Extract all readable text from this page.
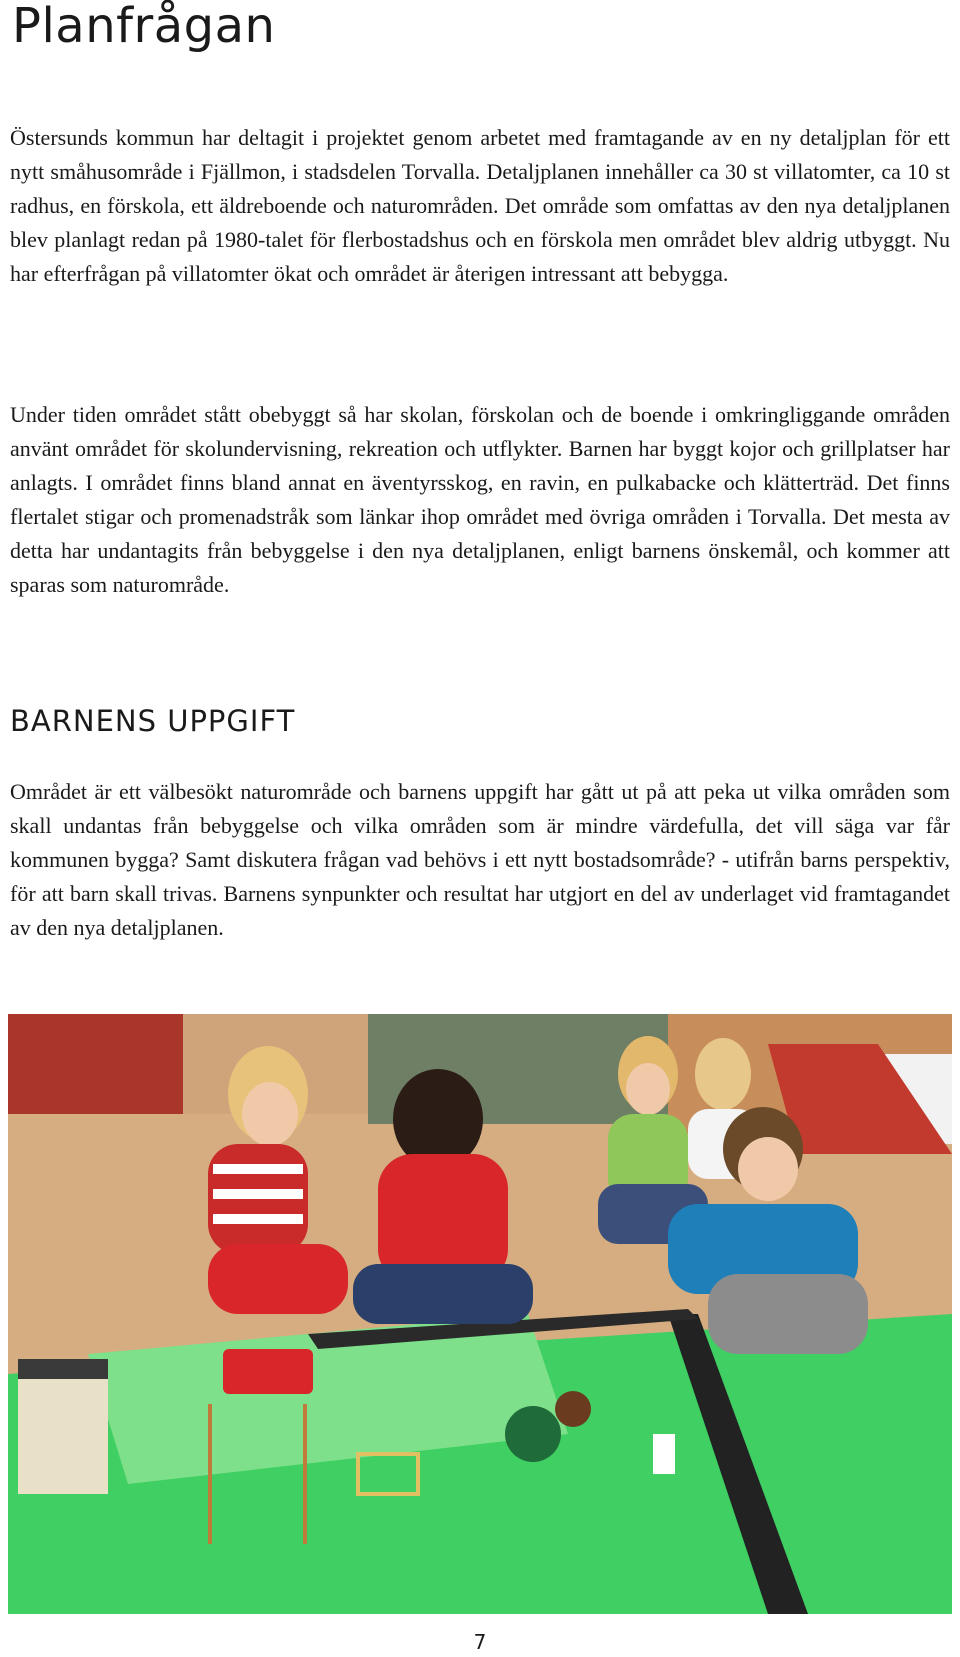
Planfrågan

Östersunds kommun har deltagit i projektet genom arbetet med framtagande av en ny detaljplan för ett nytt småhusområde i Fjällmon, i stadsdelen Torvalla. Detaljplanen innehåller ca 30 st villatomter, ca 10 st radhus, en förskola, ett äldreboende och naturområden. Det område som omfattas av den nya detaljplanen blev planlagt redan på 1980-talet för flerbostadshus och en förskola men området blev aldrig utbyggt. Nu har efterfrågan på villatomter ökat och området är återigen intressant att bebygga.

Under tiden området stått obebyggt så har skolan, förskolan och de boende i omkringliggande områden använt området för skolundervisning, rekreation och utflykter. Barnen har byggt kojor och grillplatser har anlagts. I området finns bland annat en äventyrsskog, en ravin, en pulkabacke och klätterträd. Det finns flertalet stigar och promenadstråk som länkar ihop området med övriga områden i Torvalla. Det mesta av detta har undantagits från bebyggelse i den nya detaljplanen, enligt barnens önskemål, och kommer att sparas som naturområde.

BARNENS UPPGIFT

Området är ett välbesökt naturområde och barnens uppgift har gått ut på att peka ut vilka områden som skall undantas från bebyggelse och vilka områden som är mindre värdefulla, det vill säga var får kommunen bygga? Samt diskutera frågan vad behövs i ett nytt bostadsområde? - utifrån barns perspektiv, för att barn skall trivas. Barnens synpunkter och resultat har utgjort en del av underlaget vid framtagandet av den nya detaljplanen.

7
